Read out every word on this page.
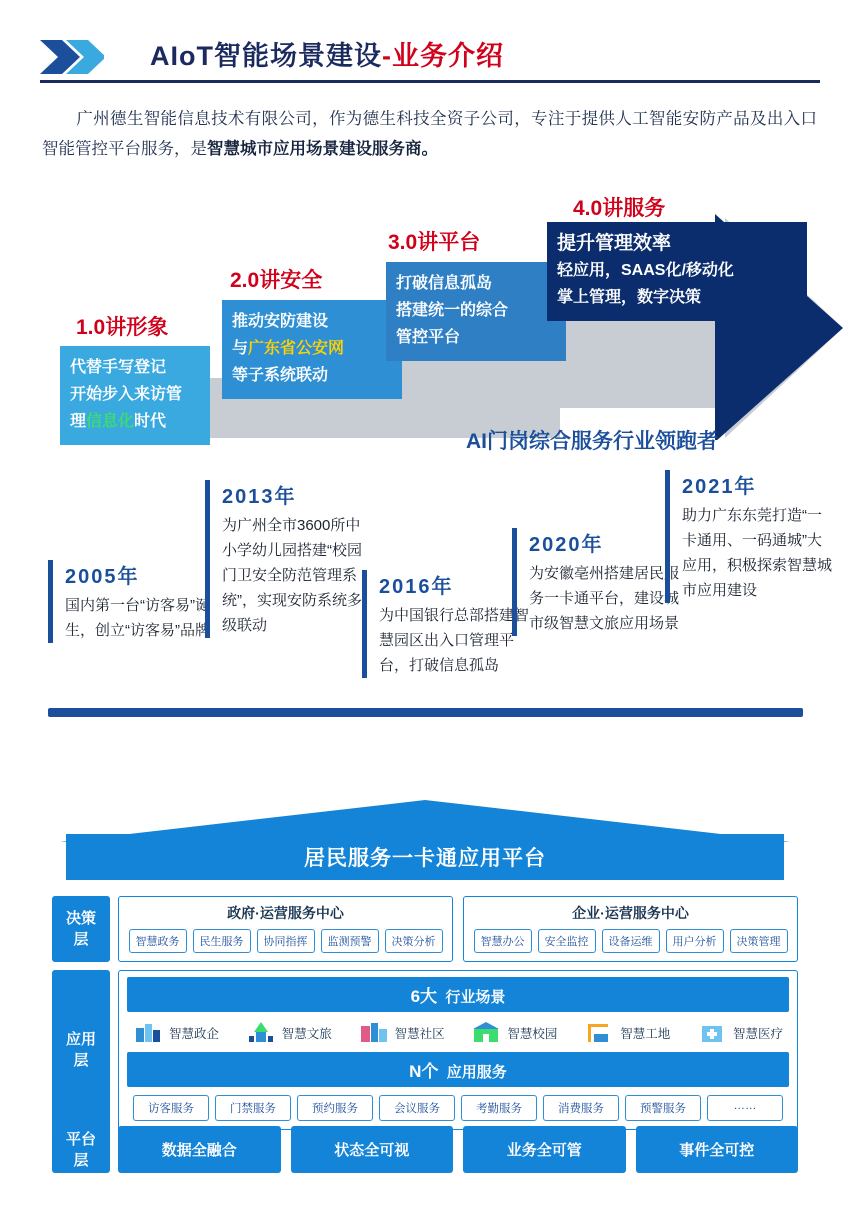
AIoT智能场景建设-业务介绍
广州德生智能信息技术有限公司，作为德生科技全资子公司，专注于提供人工智能安防产品及出入口智能管控平台服务，是智慧城市应用场景建设服务商。
1.0讲形象
2.0讲安全
3.0讲平台
4.0讲服务
代替手写登记
开始步入来访管
理信息化时代
推动安防建设
与广东省公安网
等子系统联动
打破信息孤岛
搭建统一的综合
管控平台
提升管理效率
轻应用，SAAS化/移动化
掌上管理，数字决策
AI门岗综合服务行业领跑者
2005年
国内第一台“访客易”诞生，创立“访客易”品牌
2013年
为广州全市3600所中小学幼儿园搭建“校园门卫安全防范管理系统”，实现安防系统多级联动
2016年
为中国银行总部搭建智慧园区出入口管理平台，打破信息孤岛
2020年
为安徽亳州搭建居民服务一卡通平台，建设城市级智慧文旅应用场景
2021年
助力广东东莞打造“一卡通用、一码通城”大应用，积极探索智慧城市应用建设
⟶	⟶	⟶	⟶
1个
居民服务一卡通应用平台
决策
层
政府·运营服务中心
智慧政务	民生服务	协同指挥	监测预警	决策分析
企业·运营服务中心
智慧办公	安全监控	设备运维	用户分析	决策管理
应用
层
6大 行业场景
智慧政企	智慧文旅	智慧社区	智慧校园	智慧工地	智慧医疗
N个 应用服务
访客服务	门禁服务	预约服务	会议服务	考勤服务	消费服务	预警服务	……
平台
层
数据全融合	状态全可视	业务全可管	事件全可控
